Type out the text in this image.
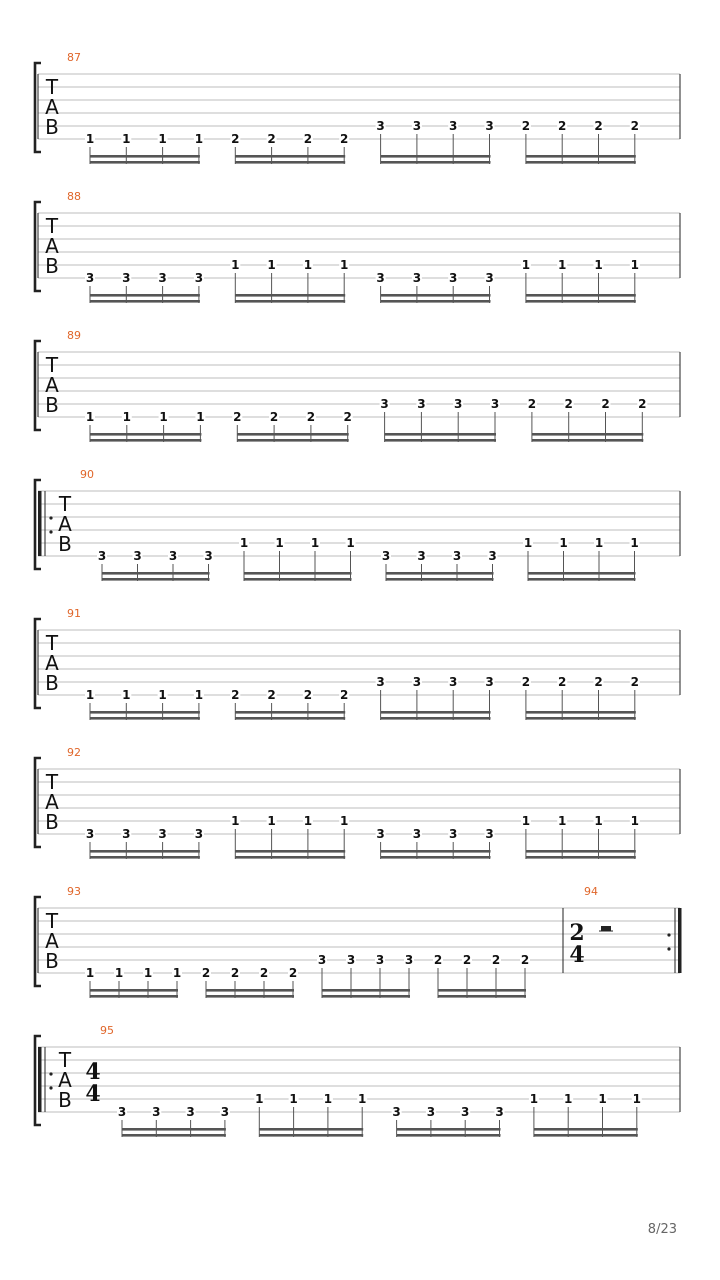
T
A
B
87
1 1 1 1 2 2 2 2
3 3 3 3 2 2 2 2
T
A
B
88
3 3 3 3
1 1 1 1
3 3 3 3
1 1 1 1
T
A
B
89
1 1 1 1 2 2 2 2
3 3 3 3 2 2 2 2
T
A
B
90
3 3 3 3
1 1 1 1
3 3 3 3
1 1 1 1
T
A
B
91
1 1 1 1 2 2 2 2
3 3 3 3 2 2 2 2
T
A
B
92
3 3 3 3
1 1 1 1
3 3 3 3
1 1 1 1
T
A
B
93
1 1 1 1 2 2 2 2
3 3 3 3 2 2 2 2
94
2
4
T
A
B
95
4
4
3 3 3 3
1 1 1 1
3 3 3 3
1 1 1 1
8/23
